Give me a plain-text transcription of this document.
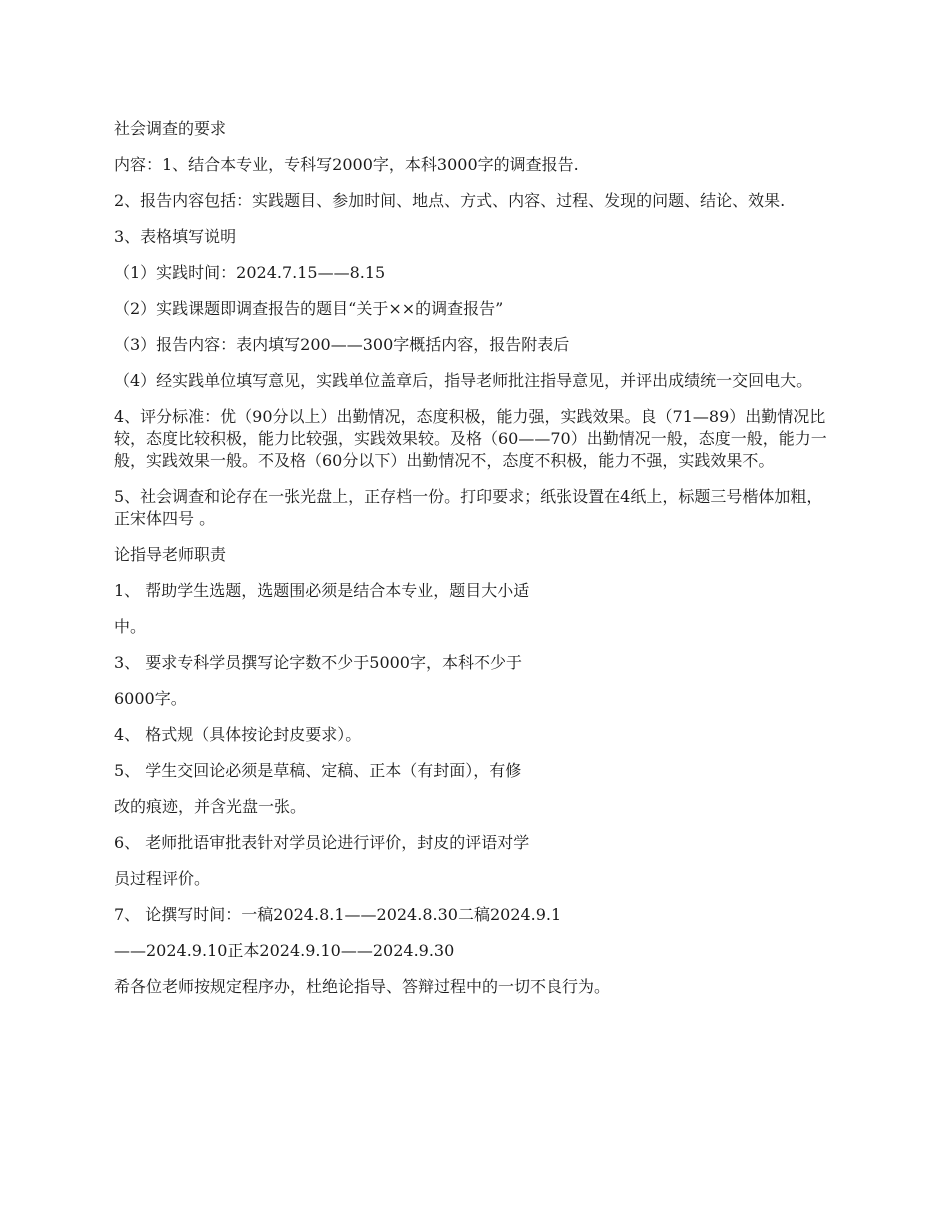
社会调查的要求

内容：1、结合本专业，专科写2000字，本科3000字的调查报告.

2、报告内容包括：实践题目、参加时间、地点、方式、内容、过程、发现的问题、结论、效果.

3、表格填写说明

（1）实践时间：2024.7.15——8.15

（2）实践课题即调查报告的题目“关于××的调查报告”

（3）报告内容：表内填写200——300字概括内容，报告附表后

（4）经实践单位填写意见，实践单位盖章后，指导老师批注指导意见，并评出成绩统一交回电大。

4、评分标准：优（90分以上）出勤情况，态度积极，能力强，实践效果。良（71—89）出勤情况比较，态度比较积极，能力比较强，实践效果较。及格（60——70）出勤情况一般，态度一般，能力一般，实践效果一般。不及格（60分以下）出勤情况不，态度不积极，能力不强，实践效果不。

5、社会调查和论存在一张光盘上，正存档一份。打印要求；纸张设置在4纸上，标题三号楷体加粗，正宋体四号 。

论指导老师职责

1、 帮助学生选题，选题围必须是结合本专业，题目大小适

中。

3、 要求专科学员撰写论字数不少于5000字，本科不少于

6000字。

4、 格式规（具体按论封皮要求）。

5、 学生交回论必须是草稿、定稿、正本（有封面），有修

改的痕迹，并含光盘一张。

6、 老师批语审批表针对学员论进行评价，封皮的评语对学

员过程评价。

7、 论撰写时间：一稿2024.8.1——2024.8.30二稿2024.9.1

——2024.9.10正本2024.9.10——2024.9.30

希各位老师按规定程序办，杜绝论指导、答辩过程中的一切不良行为。
